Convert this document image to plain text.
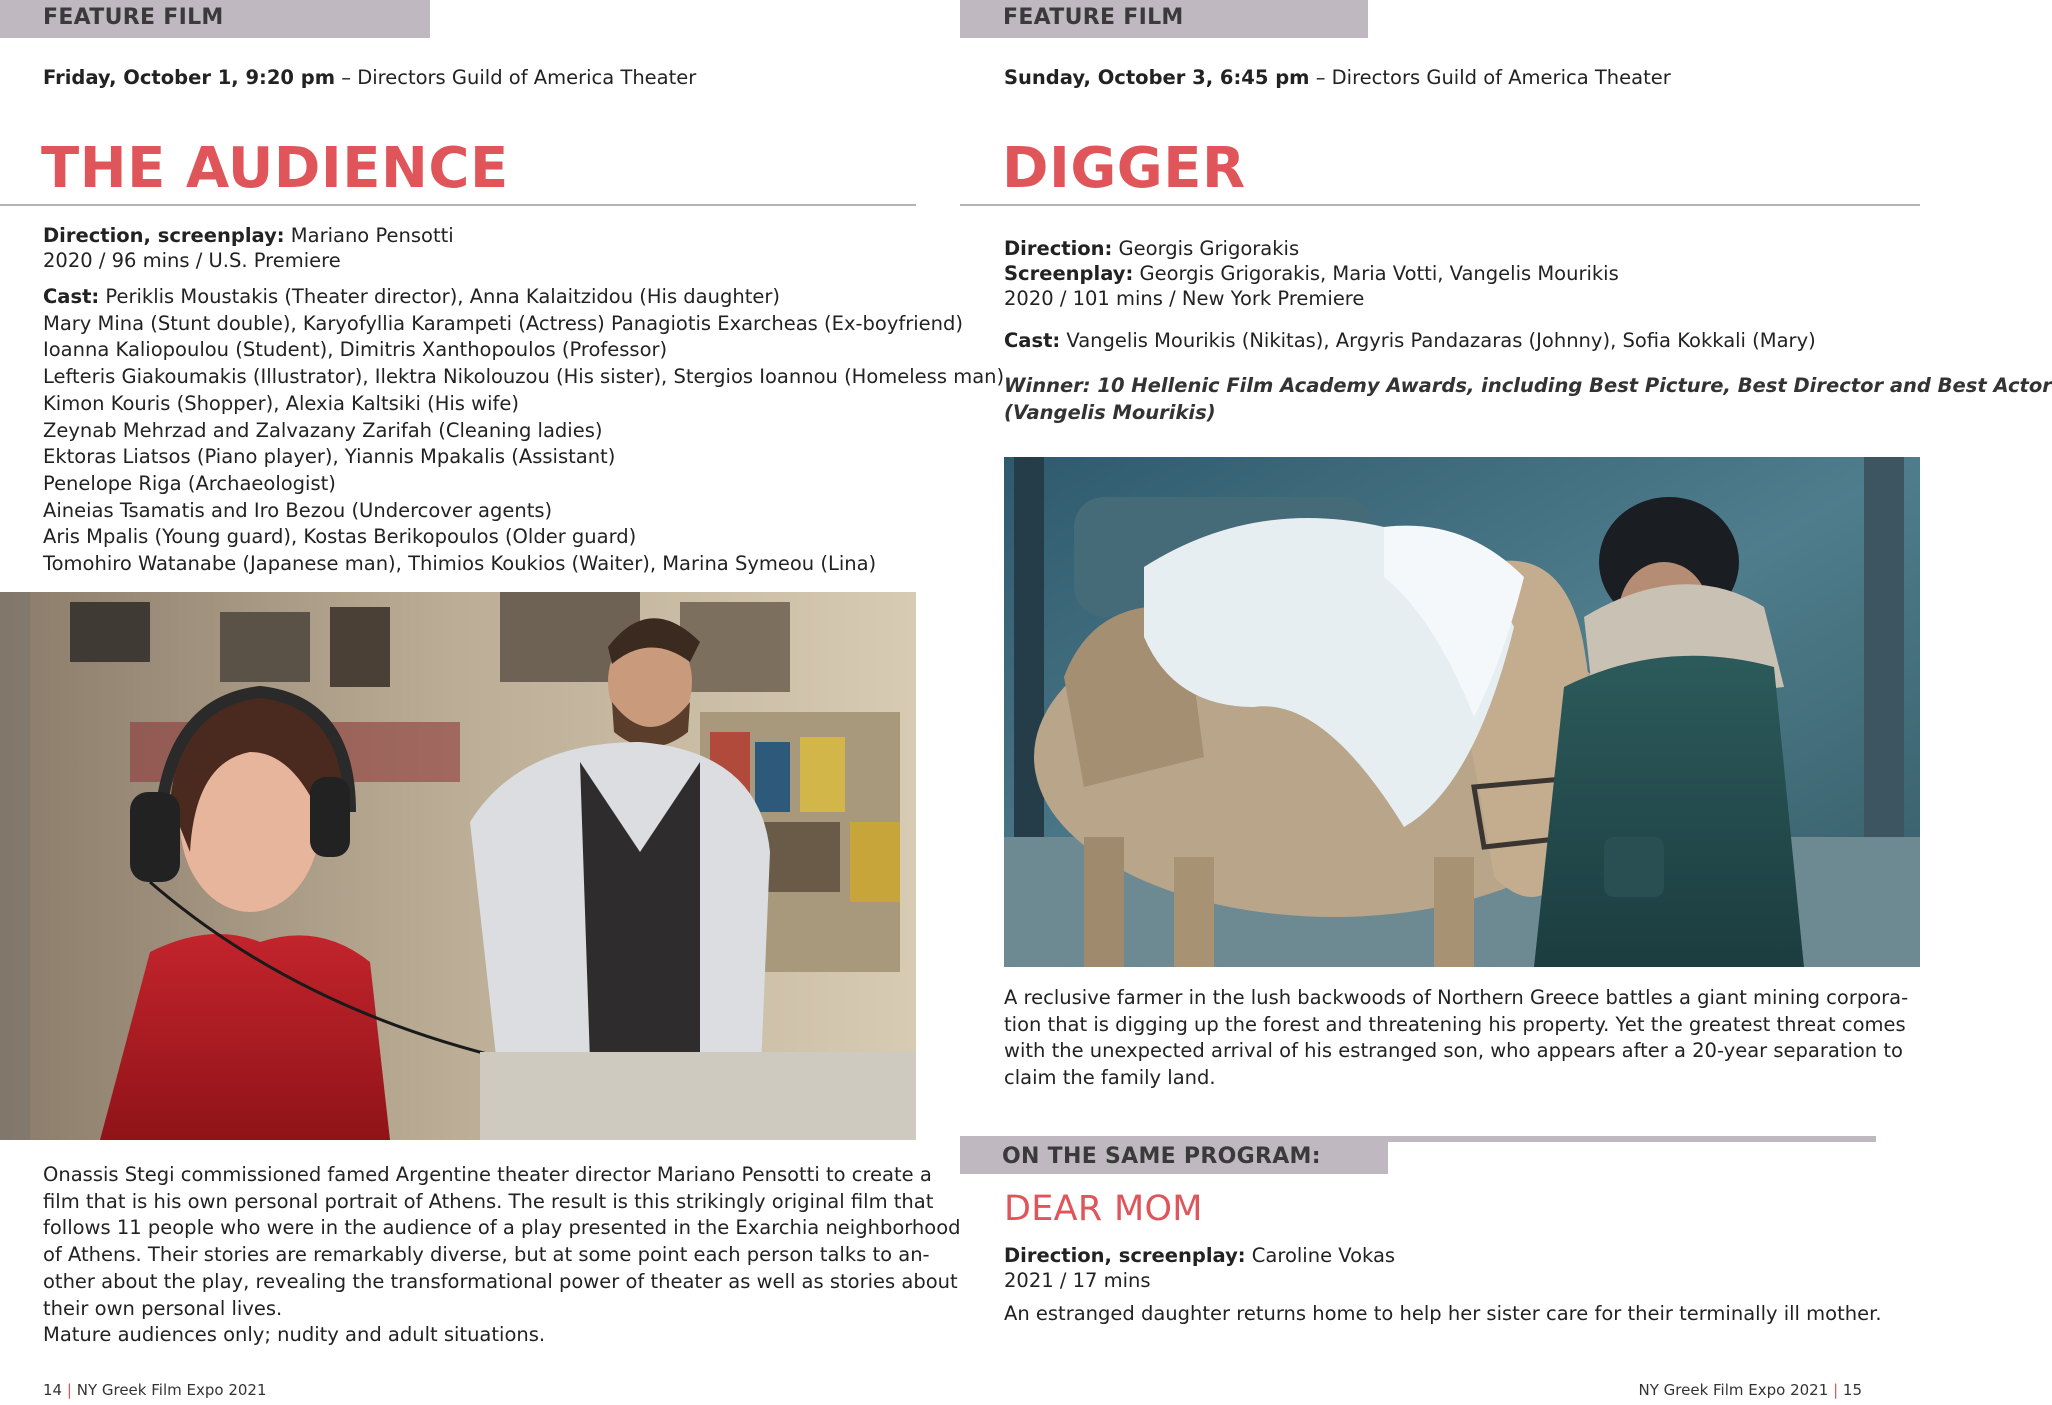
FEATURE FILM
Friday, October 1, 9:20 pm – Directors Guild of America Theater
THE AUDIENCE
Direction, screenplay: Mariano Pensotti
2020 / 96 mins / U.S. Premiere
Cast: Periklis Moustakis (Theater director), Anna Kalaitzidou (His daughter)
Mary Mina (Stunt double), Karyofyllia Karampeti (Actress) Panagiotis Exarcheas (Ex-boyfriend)
Ioanna Kaliopoulou (Student), Dimitris Xanthopoulos (Professor)
Lefteris Giakoumakis (Illustrator), Ilektra Nikolouzou (His sister), Stergios Ioannou (Homeless man)
Kimon Kouris (Shopper), Alexia Kaltsiki (His wife)
Zeynab Mehrzad and Zalvazany Zarifah (Cleaning ladies)
Ektoras Liatsos (Piano player), Yiannis Mpakalis (Assistant)
Penelope Riga (Archaeologist)
Aineias Tsamatis and Iro Bezou (Undercover agents)
Aris Mpalis (Young guard), Kostas Berikopoulos (Older guard)
Tomohiro Watanabe (Japanese man), Thimios Koukios (Waiter), Marina Symeou (Lina)
Onassis Stegi commissioned famed Argentine theater director Mariano Pensotti to create a
film that is his own personal portrait of Athens. The result is this strikingly original film that
follows 11 people who were in the audience of a play presented in the Exarchia neighborhood
of Athens. Their stories are remarkably diverse, but at some point each person talks to an-
other about the play, revealing the transformational power of theater as well as stories about
their own personal lives.
Mature audiences only; nudity and adult situations.
14 | NY Greek Film Expo 2021
FEATURE FILM
Sunday, October 3, 6:45 pm – Directors Guild of America Theater
DIGGER
Direction: Georgis Grigorakis
Screenplay: Georgis Grigorakis, Maria Votti, Vangelis Mourikis
2020 / 101 mins / New York Premiere
Cast: Vangelis Mourikis (Nikitas), Argyris Pandazaras (Johnny), Sofia Kokkali (Mary)
Winner: 10 Hellenic Film Academy Awards, including Best Picture, Best Director and Best Actor
(Vangelis Mourikis)
A reclusive farmer in the lush backwoods of Northern Greece battles a giant mining corpora-
tion that is digging up the forest and threatening his property. Yet the greatest threat comes
with the unexpected arrival of his estranged son, who appears after a 20-year separation to
claim the family land.
ON THE SAME PROGRAM:
DEAR MOM
Direction, screenplay: Caroline Vokas
2021 / 17 mins
An estranged daughter returns home to help her sister care for their terminally ill mother.
NY Greek Film Expo 2021 | 15
